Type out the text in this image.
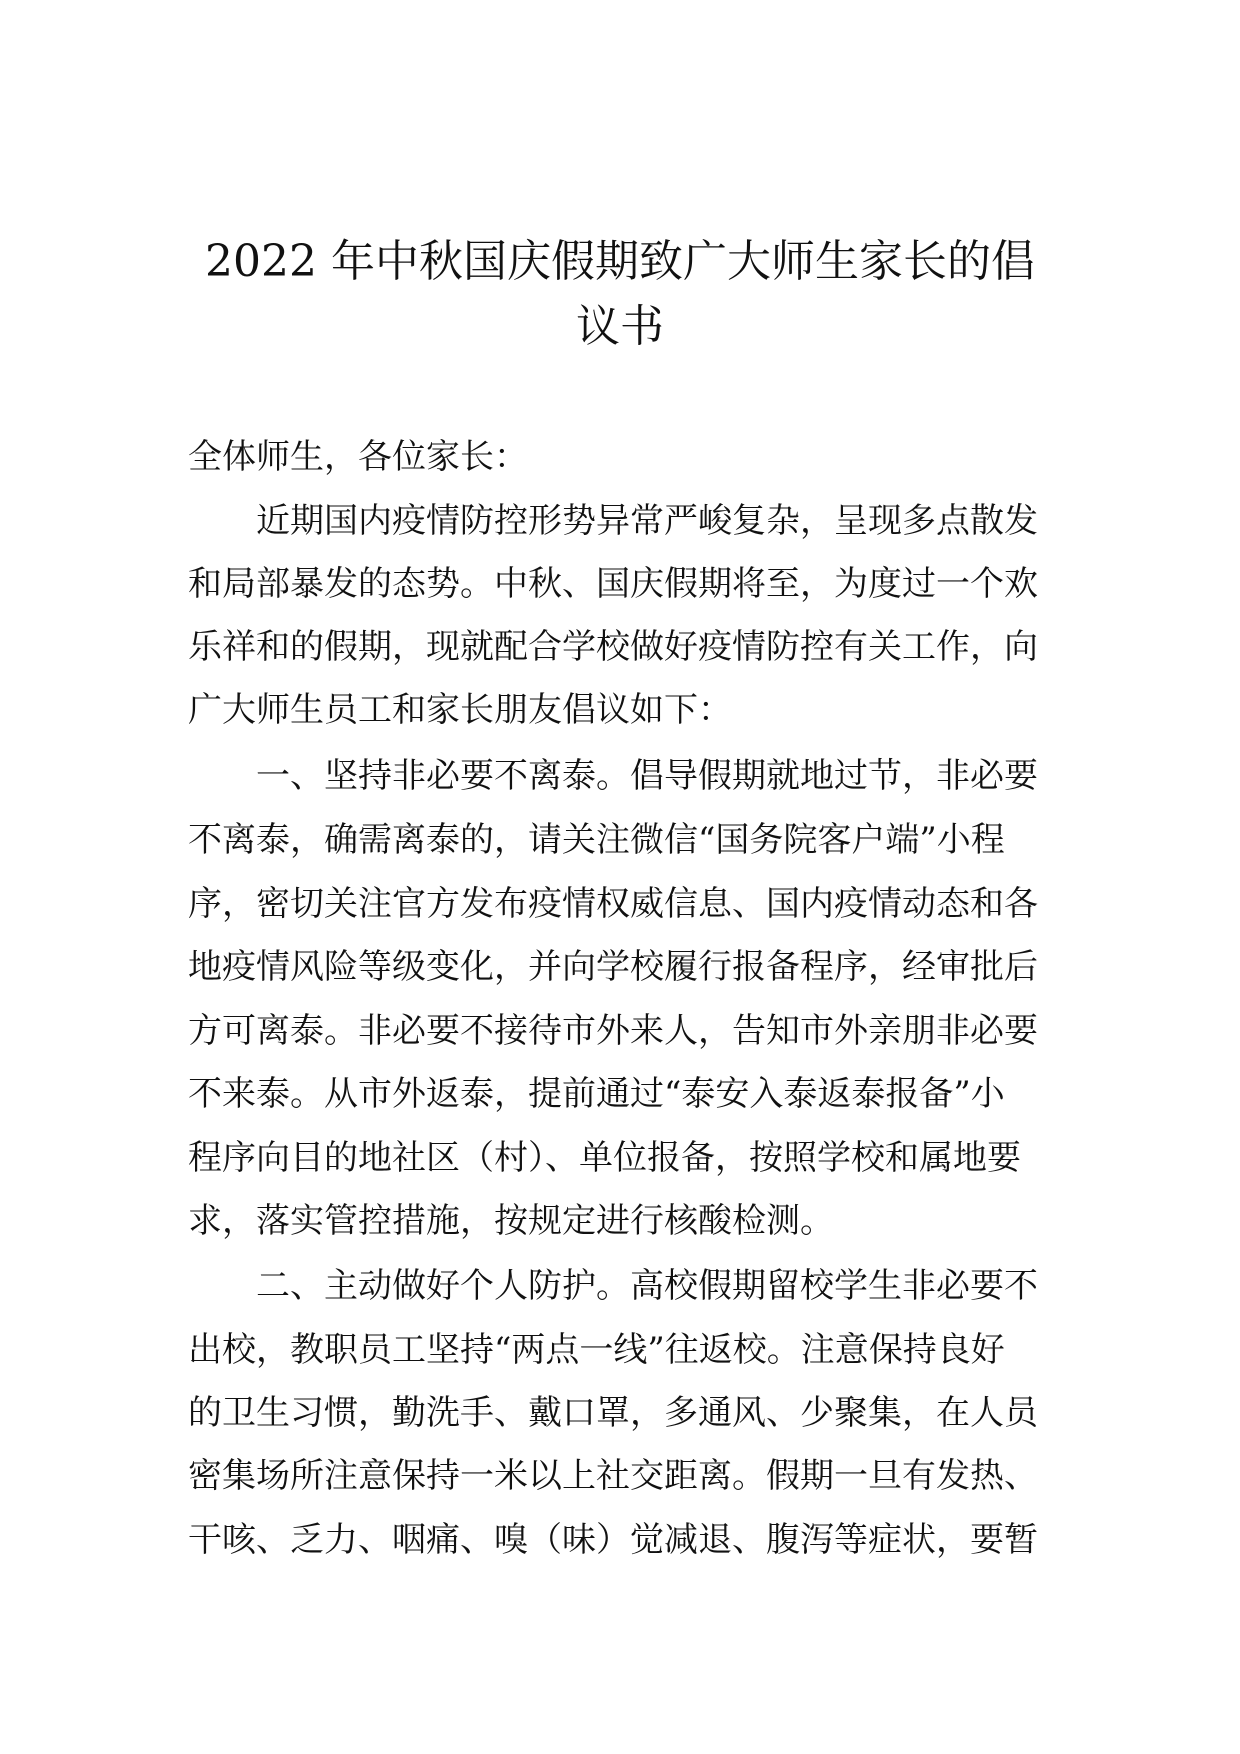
2022 年中秋国庆假期致广大师生家长的倡
议书
全体师生，各位家长：
近期国内疫情防控形势异常严峻复杂，呈现多点散发
和局部暴发的态势。中秋、国庆假期将至，为度过一个欢
乐祥和的假期，现就配合学校做好疫情防控有关工作，向
广大师生员工和家长朋友倡议如下：
一、坚持非必要不离泰。倡导假期就地过节，非必要
不离泰，确需离泰的，请关注微信“国务院客户端”小程
序，密切关注官方发布疫情权威信息、国内疫情动态和各
地疫情风险等级变化，并向学校履行报备程序，经审批后
方可离泰。非必要不接待市外来人，告知市外亲朋非必要
不来泰。从市外返泰，提前通过“泰安入泰返泰报备”小
程序向目的地社区（村）、单位报备，按照学校和属地要
求，落实管控措施，按规定进行核酸检测。
二、主动做好个人防护。高校假期留校学生非必要不
出校，教职员工坚持“两点一线”往返校。注意保持良好
的卫生习惯，勤洗手、戴口罩，多通风、少聚集，在人员
密集场所注意保持一米以上社交距离。假期一旦有发热、
干咳、乏力、咽痛、嗅（味）觉减退、腹泻等症状，要暂
